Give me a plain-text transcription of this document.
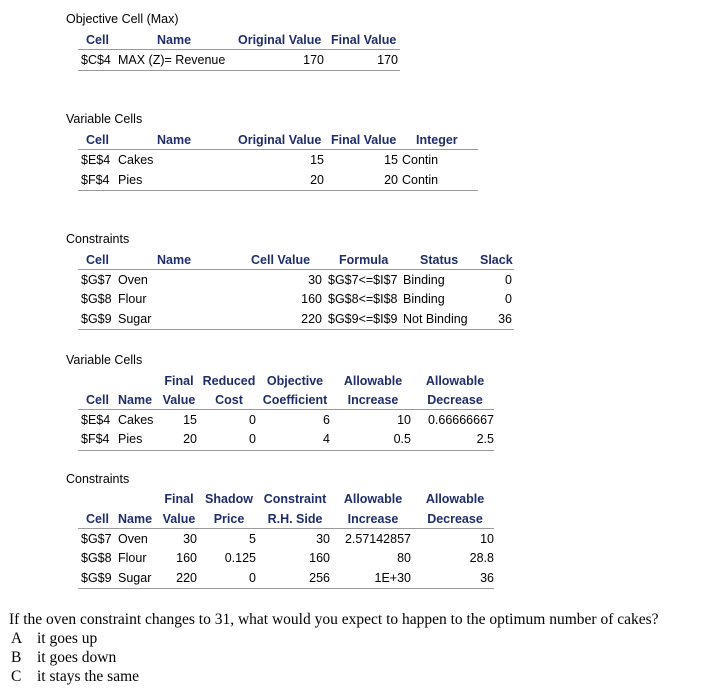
Objective Cell (Max)
Cell	Name	Original Value Final Value
$C$4 MAX (Z)= Revenue	170	170
Variable Cells
Cell	Name	Original Value Final Value Integer
$E$4 Cakes	15	15 Contin
$F$4 Pies	20	20 Contin
Constraints
Cell	Name	Cell Value Formula	Status Slack
$G$7 Oven	30 $G$7<=$I$7 Binding	0
$G$8 Flour	160 $G$8<=$I$8 Binding	0
$G$9 Sugar	220 $G$9<=$I$9 Not Binding	36
Variable Cells
Final Reduced Objective	Allowable	Allowable
Cell Name Value	Cost	Coefficient	Increase	Decrease
$E$4 Cakes	15	0	6	10	0.66666667
$F$4 Pies	20	0	4	0.5	2.5
Constraints
Final Shadow Constraint	Allowable	Allowable
Cell Name Value	Price	R.H. Side	Increase	Decrease
$G$7 Oven	30	5	30	2.57142857	10
$G$8 Flour	160	0.125	160	80	28.8
$G$9 Sugar	220	0	256	1E+30	36
If the oven constraint changes to 31, what would you expect to happen to the optimum number of cakes?
A it goes up
B it goes down
C it stays the same
